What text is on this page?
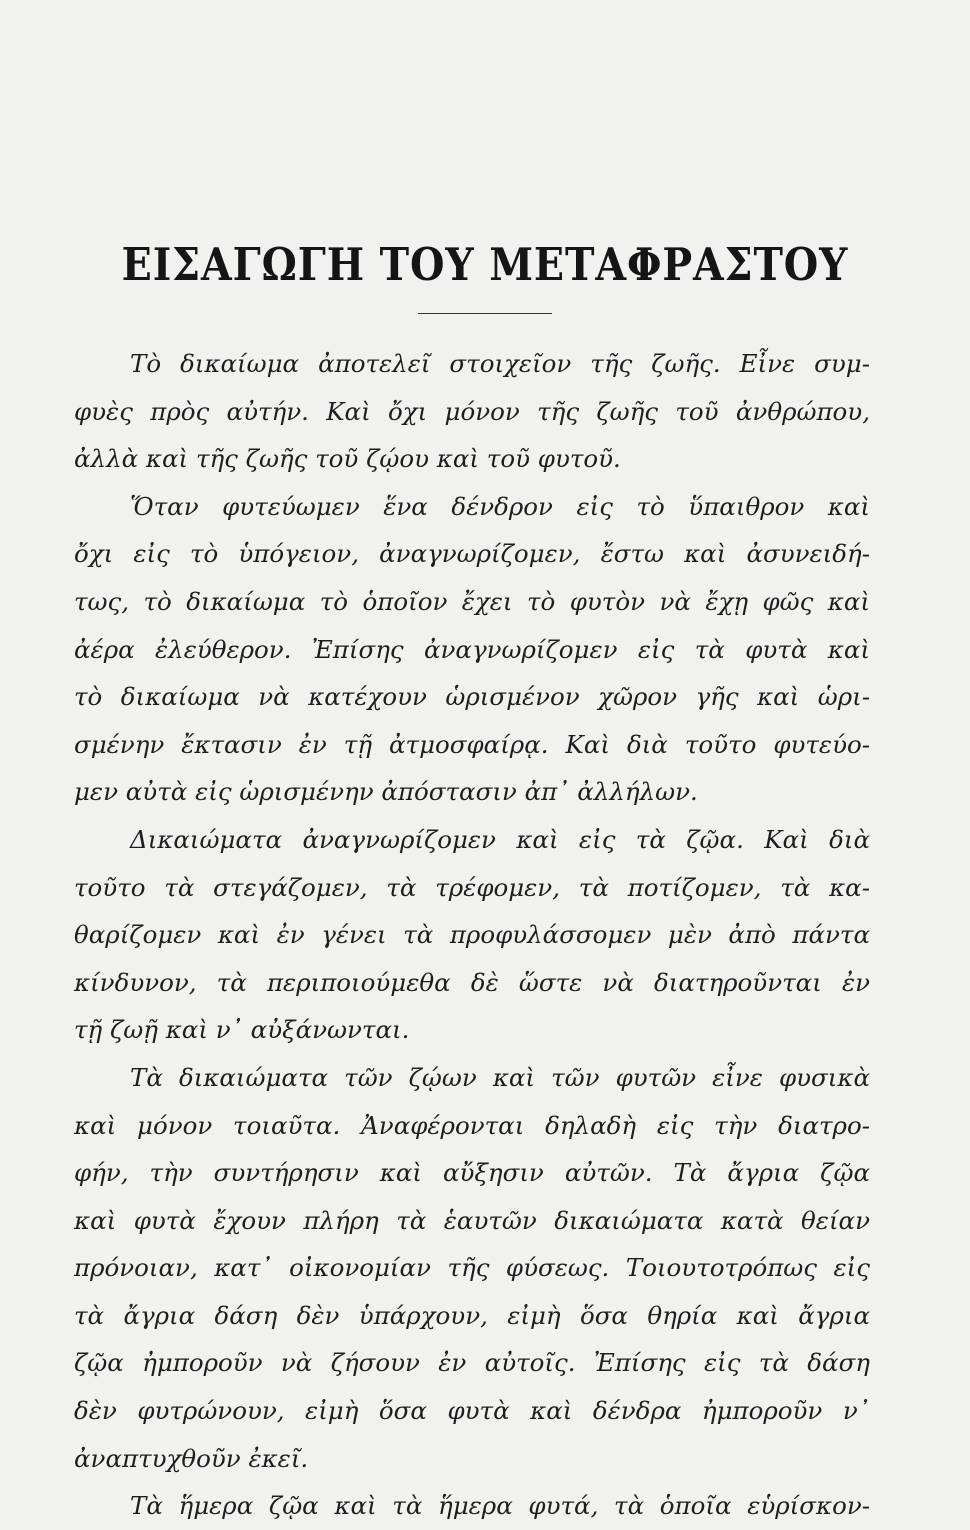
ΕΙΣΑΓΩΓΗ ΤΟΥ ΜΕΤΑΦΡΑΣΤΟΥ
Τὸ δικαίωμα ἀποτελεῖ στοιχεῖον τῆς ζωῆς. Εἶνε συμ-
φυὲς πρὸς αὐτήν. Καὶ ὄχι μόνον τῆς ζωῆς τοῦ ἀνθρώπου,
ἀλλὰ καὶ τῆς ζωῆς τοῦ ζῴου καὶ τοῦ φυτοῦ.
Ὅταν φυτεύωμεν ἕνα δένδρον εἰς τὸ ὕπαιθρον καὶ
ὄχι εἰς τὸ ὑπόγειον, ἀναγνωρίζομεν, ἔστω καὶ ἀσυνειδή-
τως, τὸ δικαίωμα τὸ ὁποῖον ἔχει τὸ φυτὸν νὰ ἔχῃ φῶς καὶ
ἀέρα ἐλεύθερον. Ἐπίσης ἀναγνωρίζομεν εἰς τὰ φυτὰ καὶ
τὸ δικαίωμα νὰ κατέχουν ὡρισμένον χῶρον γῆς καὶ ὡρι-
σμένην ἔκτασιν ἐν τῇ ἀτμοσφαίρᾳ. Καὶ διὰ τοῦτο φυτεύο-
μεν αὐτὰ εἰς ὡρισμένην ἀπόστασιν ἀπ᾽ ἀλλήλων.
Δικαιώματα ἀναγνωρίζομεν καὶ εἰς τὰ ζῷα. Καὶ διὰ
τοῦτο τὰ στεγάζομεν, τὰ τρέφομεν, τὰ ποτίζομεν, τὰ κα-
θαρίζομεν καὶ ἐν γένει τὰ προφυλάσσομεν μὲν ἀπὸ πάντα
κίνδυνον, τὰ περιποιούμεθα δὲ ὥστε νὰ διατηροῦνται ἐν
τῇ ζωῇ καὶ ν᾽ αὐξάνωνται.
Τὰ δικαιώματα τῶν ζῴων καὶ τῶν φυτῶν εἶνε φυσικὰ
καὶ μόνον τοιαῦτα. Ἀναφέρονται δηλαδὴ εἰς τὴν διατρο-
φήν, τὴν συντήρησιν καὶ αὔξησιν αὐτῶν. Τὰ ἄγρια ζῷα
καὶ φυτὰ ἔχουν πλήρη τὰ ἑαυτῶν δικαιώματα κατὰ θείαν
πρόνοιαν, κατ᾽ οἰκονομίαν τῆς φύσεως. Τοιουτοτρόπως εἰς
τὰ ἄγρια δάση δὲν ὑπάρχουν, εἰμὴ ὅσα θηρία καὶ ἄγρια
ζῷα ἠμποροῦν νὰ ζήσουν ἐν αὐτοῖς. Ἐπίσης εἰς τὰ δάση
δὲν φυτρώνουν, εἰμὴ ὅσα φυτὰ καὶ δένδρα ἠμποροῦν ν᾽
ἀναπτυχθοῦν ἐκεῖ.
Τὰ ἥμερα ζῷα καὶ τὰ ἥμερα φυτά, τὰ ὁποῖα εὑρίσκον-
